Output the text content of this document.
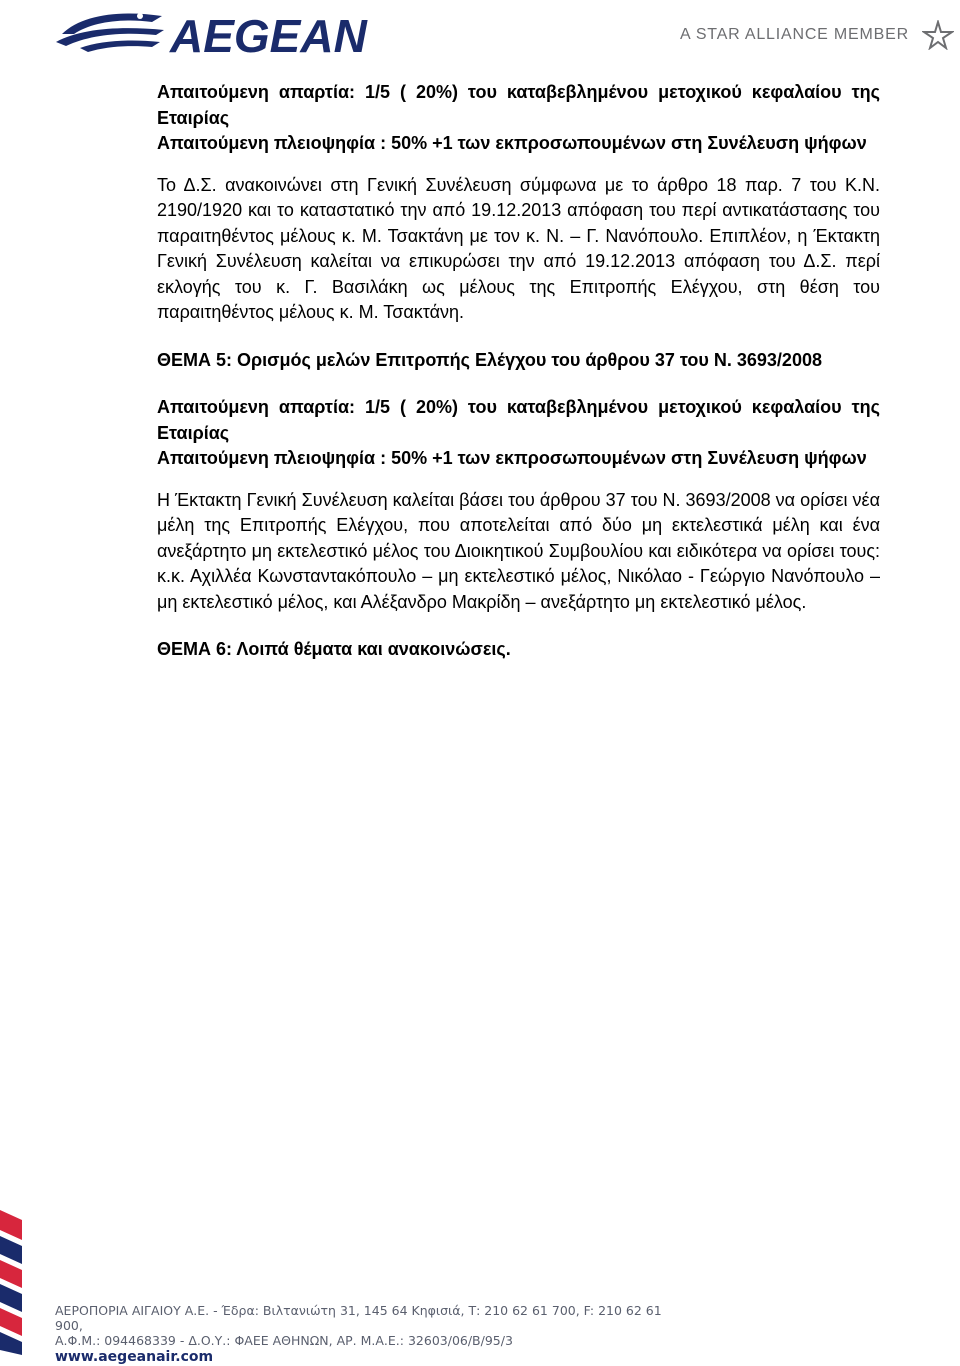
AEGEAN	A STAR ALLIANCE MEMBER

Απαιτούμενη απαρτία: 1/5 ( 20%) του καταβεβλημένου μετοχικού κεφαλαίου της Εταιρίας

Απαιτούμενη πλειοψηφία : 50% +1 των εκπροσωπουμένων στη Συνέλευση ψήφων

Το Δ.Σ. ανακοινώνει στη Γενική Συνέλευση σύμφωνα με το άρθρο 18 παρ. 7 του Κ.Ν. 2190/1920 και το καταστατικό την από 19.12.2013 απόφαση του περί αντικατάστασης του παραιτηθέντος μέλους κ. Μ. Τσακτάνη με τον κ. Ν. – Γ. Νανόπουλο. Επιπλέον, η Έκτακτη Γενική Συνέλευση καλείται να επικυρώσει την από 19.12.2013 απόφαση του Δ.Σ. περί εκλογής του κ. Γ. Βασιλάκη ως μέλους της Επιτροπής Ελέγχου, στη θέση του παραιτηθέντος μέλους κ. Μ. Τσακτάνη.

ΘΕΜΑ 5: Ορισμός μελών Επιτροπής Ελέγχου του άρθρου 37 του Ν. 3693/2008

Απαιτούμενη απαρτία: 1/5 ( 20%) του καταβεβλημένου μετοχικού κεφαλαίου της Εταιρίας

Απαιτούμενη πλειοψηφία : 50% +1 των εκπροσωπουμένων στη Συνέλευση ψήφων

Η Έκτακτη Γενική Συνέλευση καλείται βάσει του άρθρου 37 του Ν. 3693/2008 να ορίσει νέα μέλη της Επιτροπής Ελέγχου, που αποτελείται από δύο μη εκτελεστικά μέλη και ένα ανεξάρτητο μη εκτελεστικό μέλος του Διοικητικού Συμβουλίου και ειδικότερα να ορίσει τους: κ.κ. Αχιλλέα Κωνσταντακόπουλο – μη εκτελεστικό μέλος, Νικόλαο - Γεώργιο Νανόπουλο – μη εκτελεστικό μέλος, και Αλέξανδρο Μακρίδη – ανεξάρτητο μη εκτελεστικό μέλος.

ΘΕΜΑ 6: Λοιπά θέματα και ανακοινώσεις.

ΑΕΡΟΠΟΡΙΑ ΑΙΓΑΙΟΥ Α.Ε. - Έδρα: Βιλτανιώτη 31, 145 64 Κηφισιά, Τ: 210 62 61 700, F: 210 62 61 900,
Α.Φ.Μ.: 094468339 - Δ.Ο.Υ.: ΦΑΕΕ ΑΘΗΝΩΝ, ΑΡ. Μ.Α.Ε.: 32603/06/Β/95/3
www.aegeanair.com
